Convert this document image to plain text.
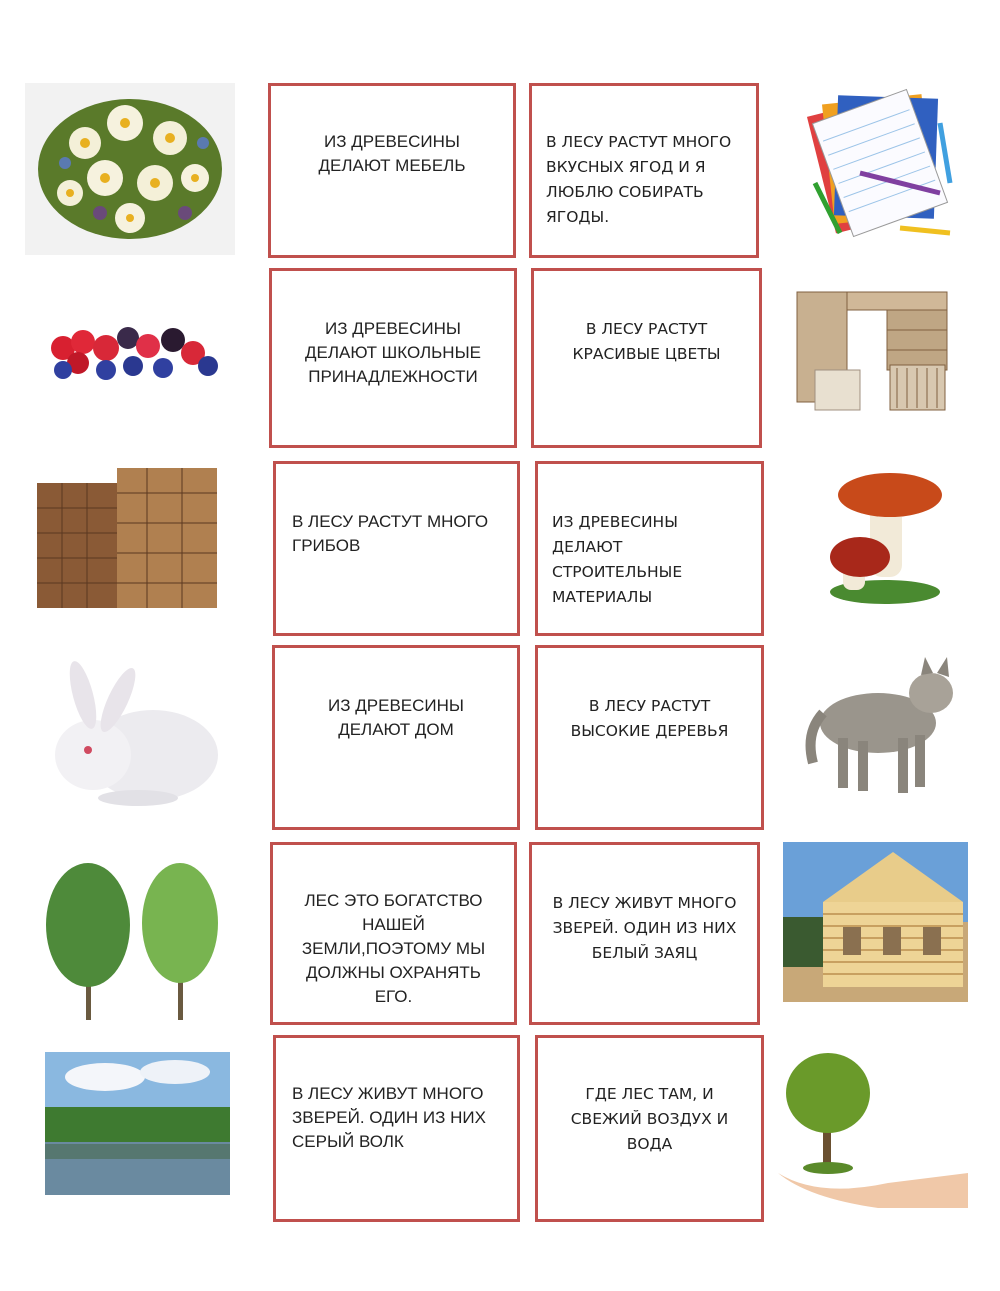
ИЗ ДРЕВЕСИНЫ ДЕЛАЮТ МЕБЕЛЬ
В ЛЕСУ РАСТУТ МНОГО ВКУСНЫХ ЯГОД И Я ЛЮБЛЮ СОБИРАТЬ ЯГОДЫ.
ИЗ ДРЕВЕСИНЫ ДЕЛАЮТ ШКОЛЬНЫЕ ПРИНАДЛЕЖНОСТИ
В ЛЕСУ РАСТУТ КРАСИВЫЕ ЦВЕТЫ
В ЛЕСУ РАСТУТ МНОГО ГРИБОВ
ИЗ ДРЕВЕСИНЫ ДЕЛАЮТ СТРОИТЕЛЬНЫЕ МАТЕРИАЛЫ
ИЗ ДРЕВЕСИНЫ ДЕЛАЮТ ДОМ
В ЛЕСУ РАСТУТ ВЫСОКИЕ ДЕРЕВЬЯ
ЛЕС ЭТО БОГАТСТВО НАШЕЙ ЗЕМЛИ,ПОЭТОМУ МЫ ДОЛЖНЫ ОХРАНЯТЬ ЕГО.
В ЛЕСУ ЖИВУТ МНОГО ЗВЕРЕЙ. ОДИН ИЗ НИХ БЕЛЫЙ ЗАЯЦ
В ЛЕСУ ЖИВУТ МНОГО ЗВЕРЕЙ. ОДИН ИЗ НИХ СЕРЫЙ ВОЛК
ГДЕ ЛЕС ТАМ, И СВЕЖИЙ ВОЗДУХ И ВОДА
